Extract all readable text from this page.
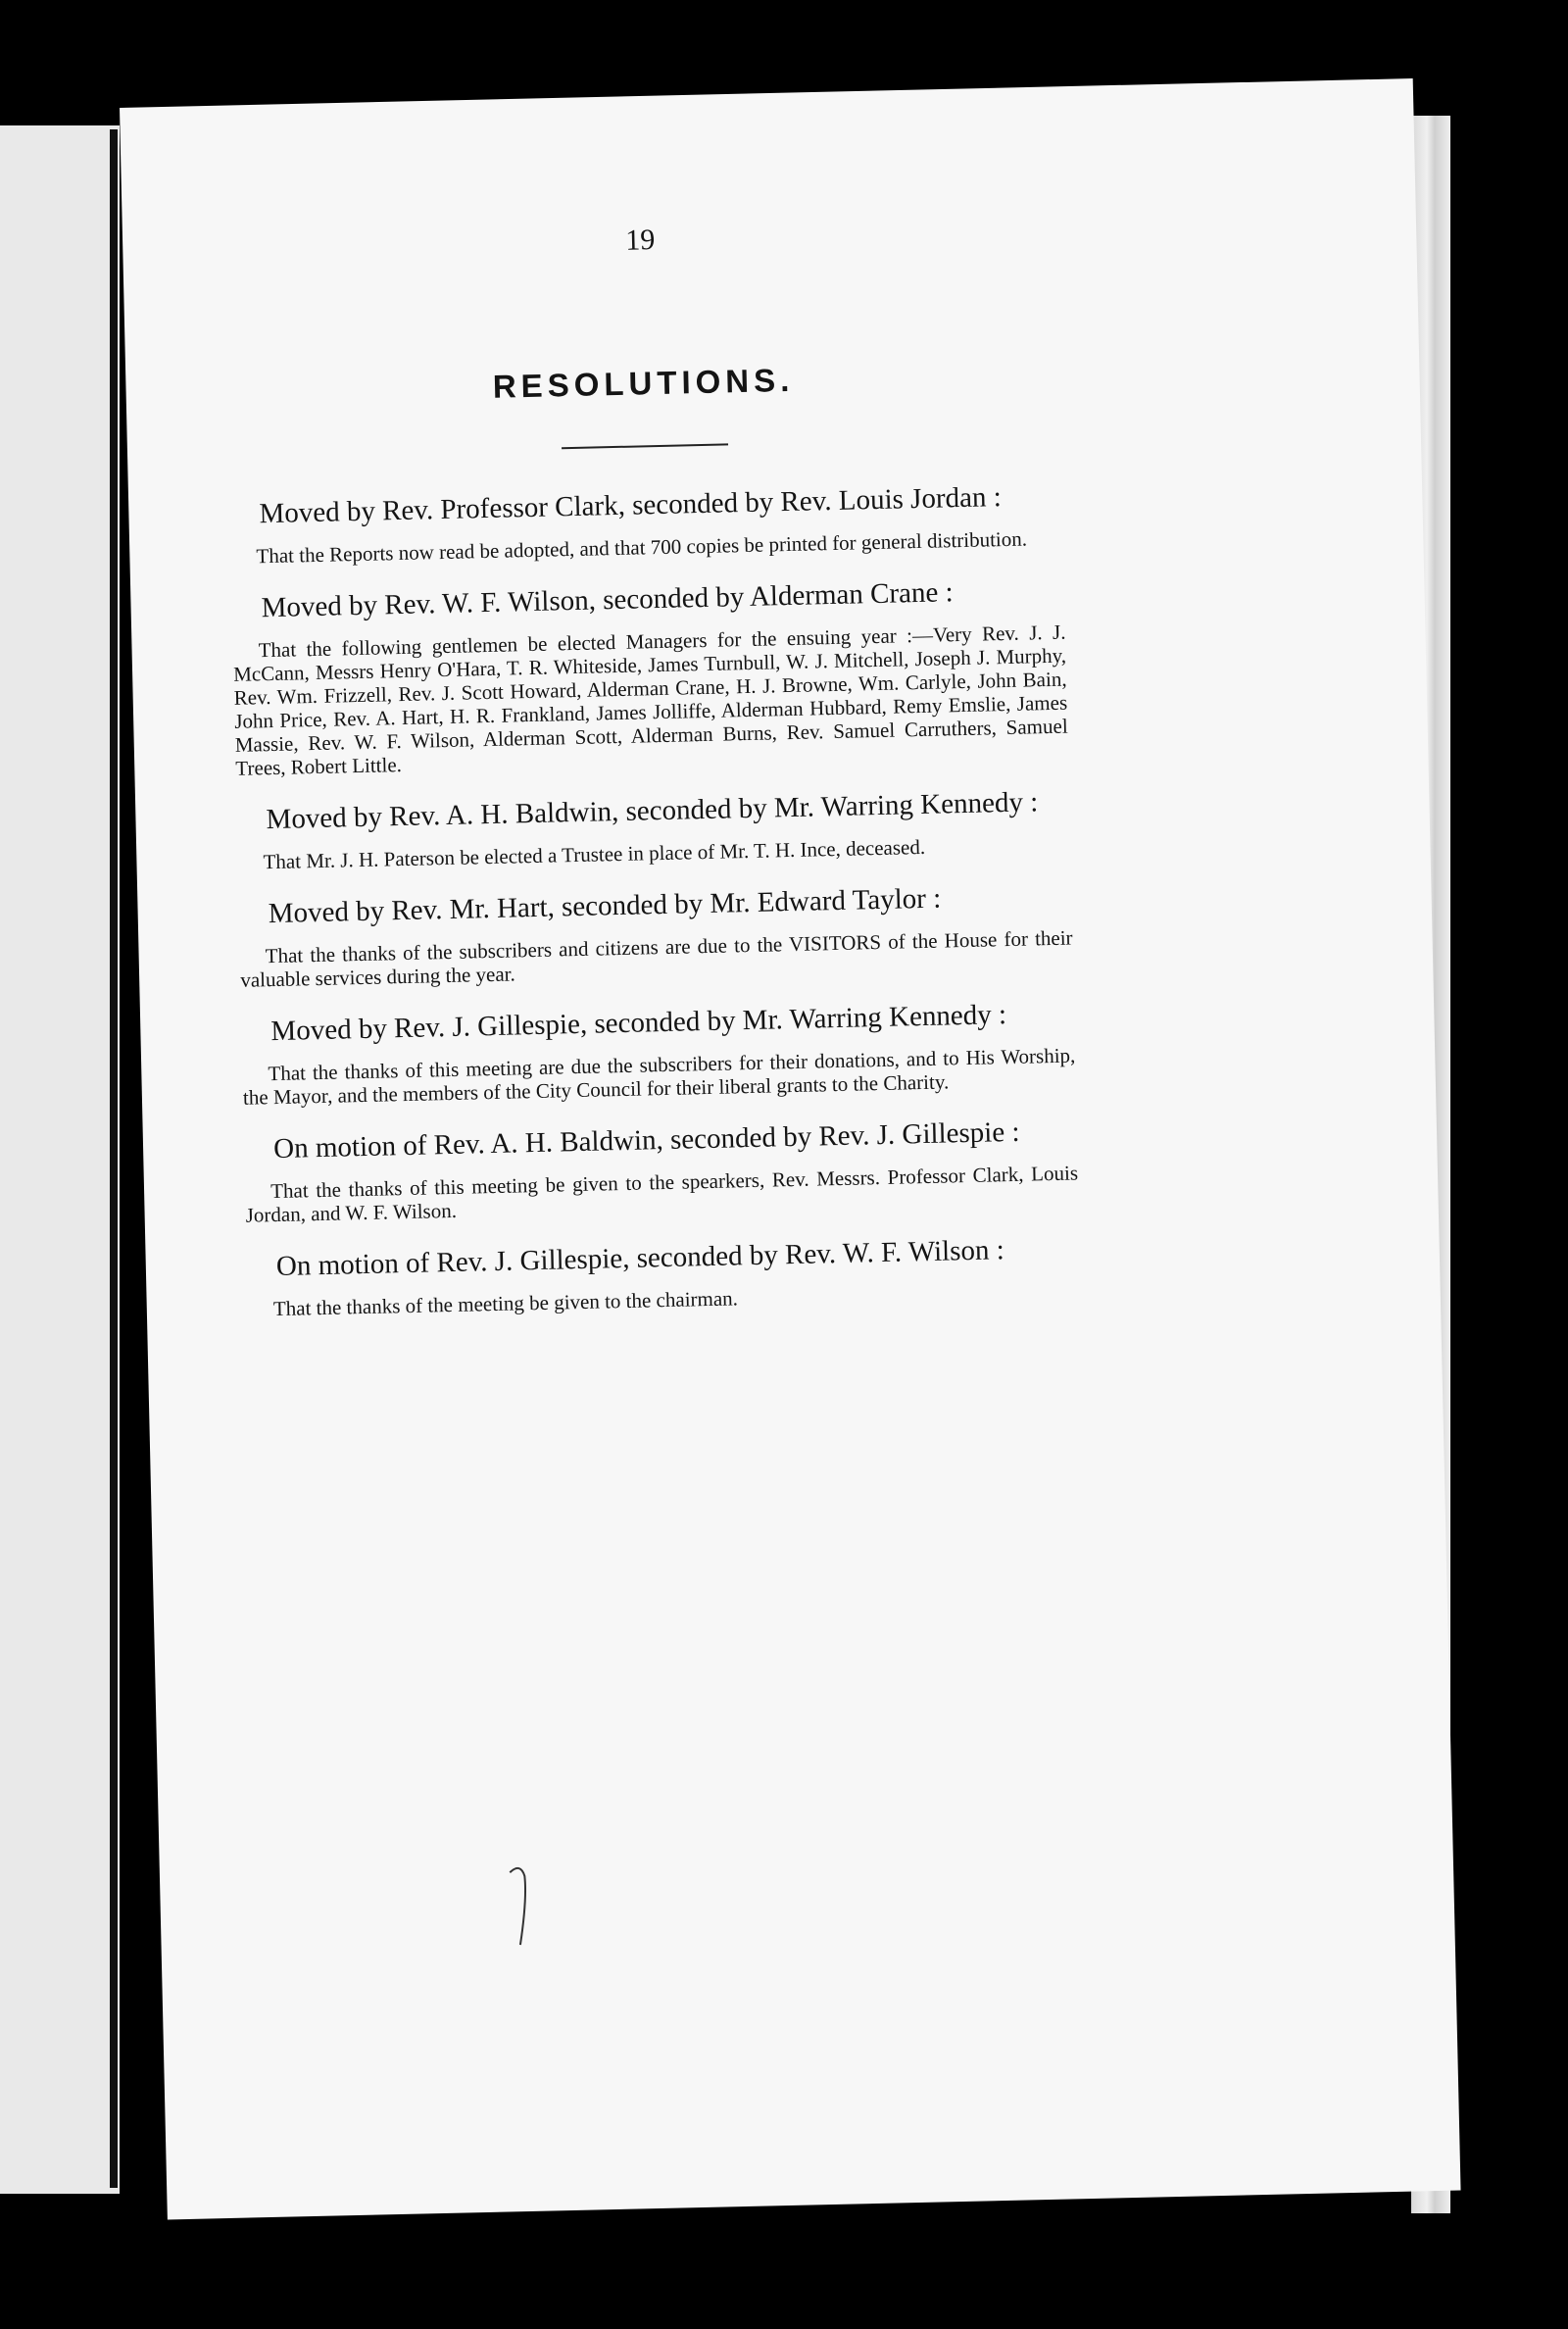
19
RESOLUTIONS.

Moved by Rev. Professor Clark, seconded by Rev. Louis Jordan :

That the Reports now read be adopted, and that 700 copies be printed for general distribution.

Moved by Rev. W. F. Wilson, seconded by Alderman Crane :

That the following gentlemen be elected Managers for the ensuing year :—Very Rev. J. J. McCann, Messrs Henry O'Hara, T. R. Whiteside, James Turnbull, W. J. Mitchell, Joseph J. Murphy, Rev. Wm. Frizzell, Rev. J. Scott Howard, Alderman Crane, H. J. Browne, Wm. Carlyle, John Bain, John Price, Rev. A. Hart, H. R. Frankland, James Jolliffe, Alderman Hubbard, Remy Emslie, James Massie, Rev. W. F. Wilson, Alderman Scott, Alderman Burns, Rev. Samuel Carruthers, Samuel Trees, Robert Little.

Moved by Rev. A. H. Baldwin, seconded by Mr. Warring Kennedy :

That Mr. J. H. Paterson be elected a Trustee in place of Mr. T. H. Ince, deceased.

Moved by Rev. Mr. Hart, seconded by Mr. Edward Taylor :

That the thanks of the subscribers and citizens are due to the VISITORS of the House for their valuable services during the year.

Moved by Rev. J. Gillespie, seconded by Mr. Warring Kennedy :

That the thanks of this meeting are due the subscribers for their donations, and to His Worship, the Mayor, and the members of the City Council for their liberal grants to the Charity.

On motion of Rev. A. H. Baldwin, seconded by Rev. J. Gillespie :

That the thanks of this meeting be given to the spearkers, Rev. Messrs. Professor Clark, Louis Jordan, and W. F. Wilson.

On motion of Rev. J. Gillespie, seconded by Rev. W. F. Wilson :

That the thanks of the meeting be given to the chairman.
